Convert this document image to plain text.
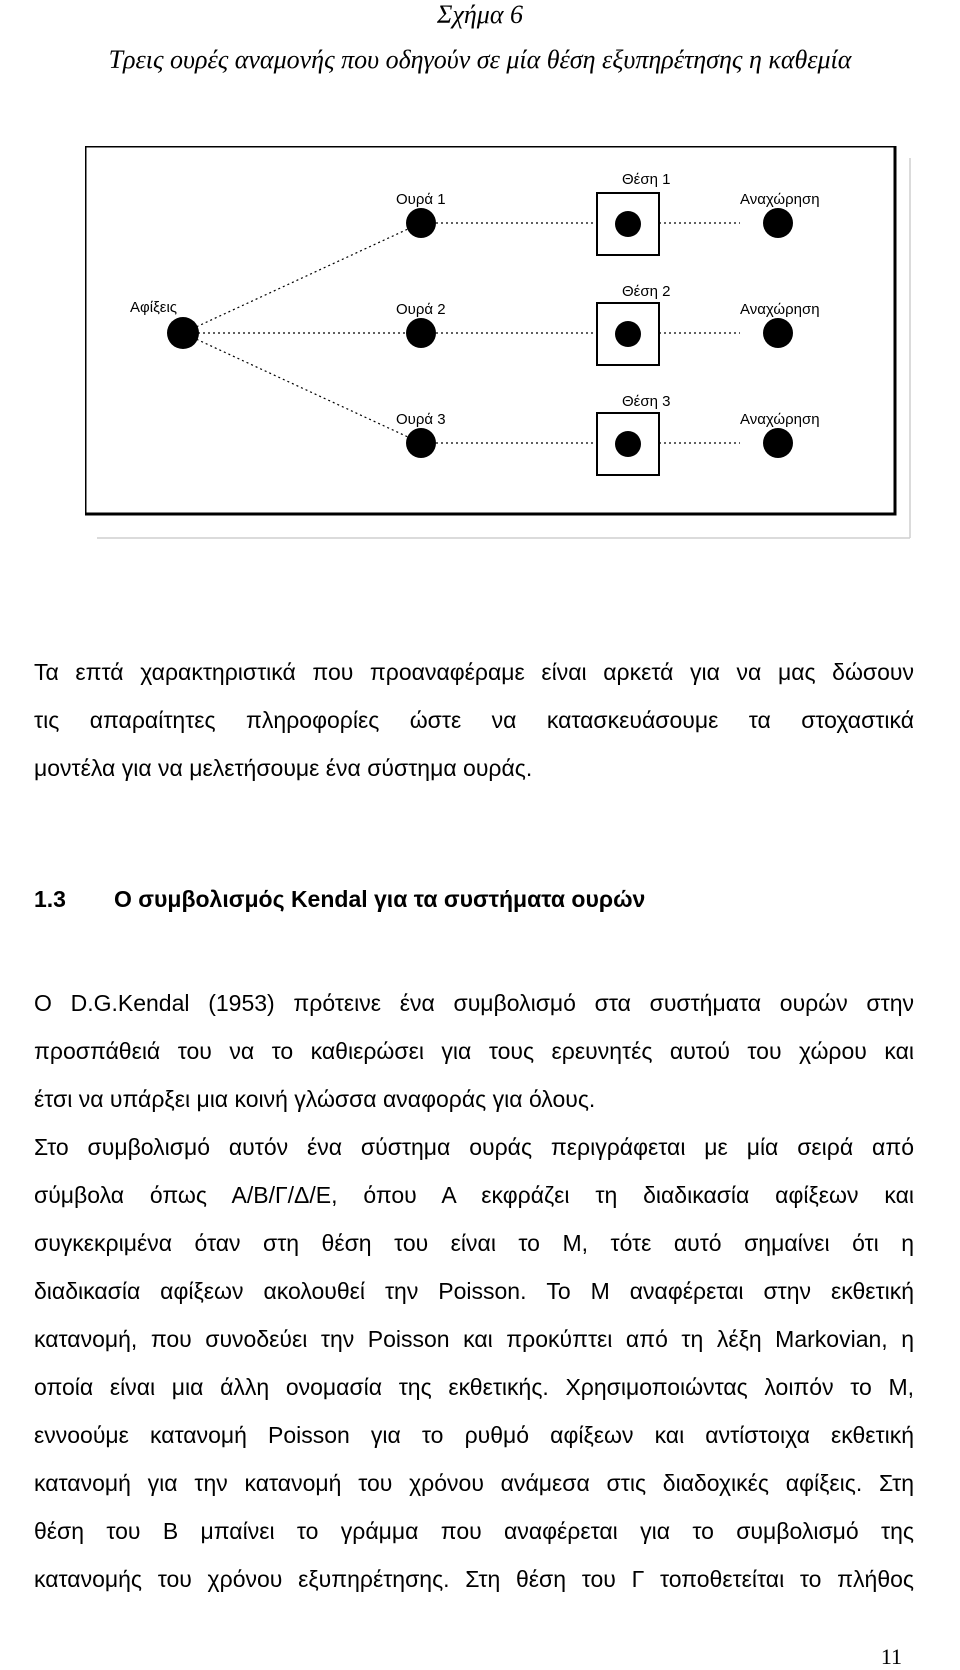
Σχήμα 6
Τρεις ουρές αναμονής που οδηγούν σε μία θέση εξυπηρέτησης η καθεμία
Αφίξεις
Ουρά 1
Θέση 1
Αναχώρηση
Ουρά 2
Θέση 2
Αναχώρηση
Ουρά 3
Θέση 3
Αναχώρηση
Τα επτά χαρακτηριστικά που προαναφέραμε είναι αρκετά για να μας δώσουν
τις απαραίτητες πληροφορίες ώστε να κατασκευάσουμε τα στοχαστικά
μοντέλα για να μελετήσουμε ένα σύστημα ουράς.
1.3 Ο συμβολισμός Kendal για τα συστήματα ουρών
Ο D.G.Kendal (1953) πρότεινε ένα συμβολισμό στα συστήματα ουρών στην
προσπάθειά του να το καθιερώσει για τους ερευνητές αυτού του χώρου και
έτσι να υπάρξει μια κοινή γλώσσα αναφοράς για όλους.
Στο συμβολισμό αυτόν ένα σύστημα ουράς περιγράφεται με μία σειρά από
σύμβολα όπως Α/Β/Γ/Δ/Ε, όπου Α εκφράζει τη διαδικασία αφίξεων και
συγκεκριμένα όταν στη θέση του είναι το Μ, τότε αυτό σημαίνει ότι η
διαδικασία αφίξεων ακολουθεί την Poisson. Το Μ αναφέρεται στην εκθετική
κατανομή, που συνοδεύει την Poisson και προκύπτει από τη λέξη Markovian, η
οποία είναι μια άλλη ονομασία της εκθετικής. Χρησιμοποιώντας λοιπόν το Μ,
εννοούμε κατανομή Poisson για το ρυθμό αφίξεων και αντίστοιχα εκθετική
κατανομή για την κατανομή του χρόνου ανάμεσα στις διαδοχικές αφίξεις. Στη
θέση του Β μπαίνει το γράμμα που αναφέρεται για το συμβολισμό της
κατανομής του χρόνου εξυπηρέτησης. Στη θέση του Γ τοποθετείται το πλήθος
11
